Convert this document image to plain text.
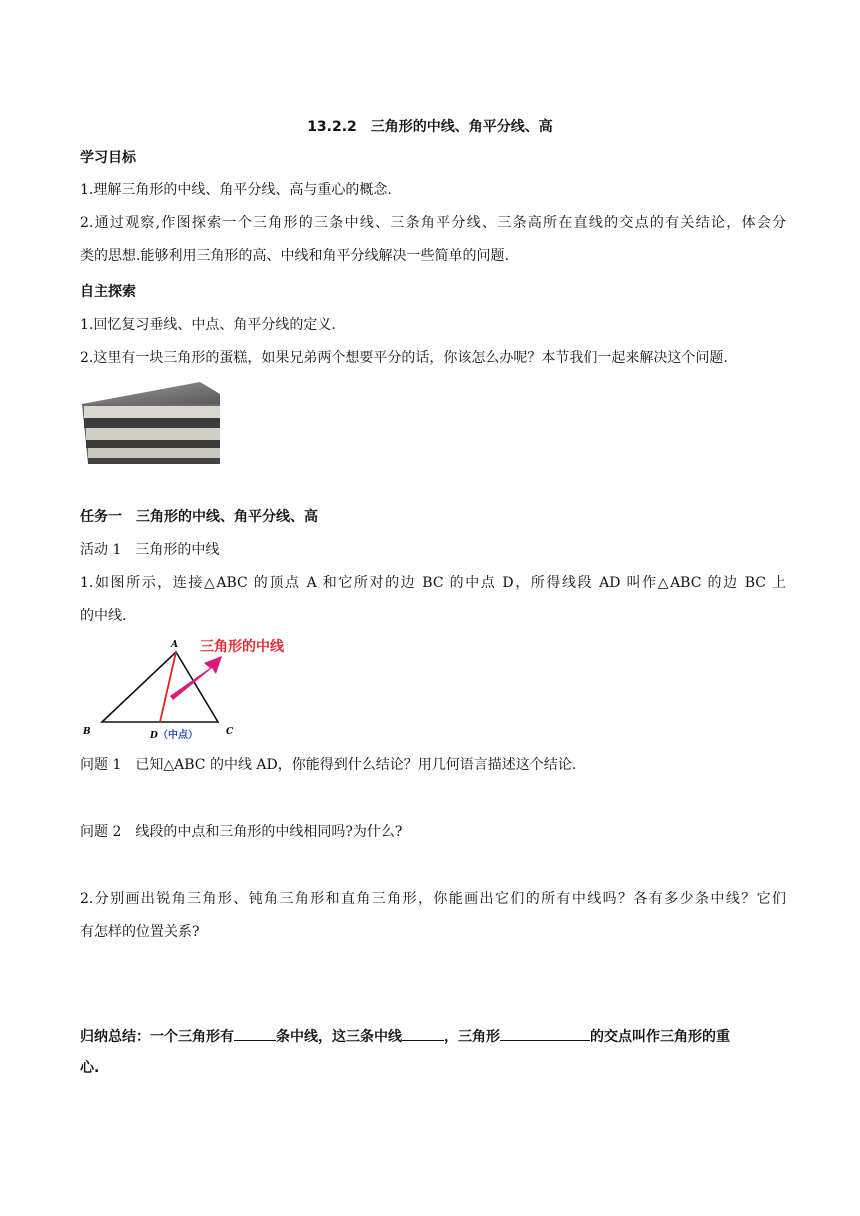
13.2.2　三角形的中线、角平分线、高
学习目标
1.理解三角形的中线、角平分线、高与重心的概念.
2.通过观察,作图探索一个三角形的三条中线、三条角平分线、三条高所在直线的交点的有关结论，体会分
类的思想.能够利用三角形的高、中线和角平分线解决一些简单的问题.
自主探索
1.回忆复习垂线、中点、角平分线的定义.
2.这里有一块三角形的蛋糕，如果兄弟两个想要平分的话，你该怎么办呢？本节我们一起来解决这个问题.
任务一　三角形的中线、角平分线、高
活动 1　三角形的中线
1.如图所示，连接△ABC 的顶点 A 和它所对的边 BC 的中点 D，所得线段 AD 叫作△ABC 的边 BC 上
的中线.
三角形的中线
A
B	C
D （中点）
问题 1　已知△ABC 的中线 AD，你能得到什么结论？用几何语言描述这个结论.
问题 2　线段的中点和三角形的中线相同吗?为什么?
2.分别画出锐角三角形、钝角三角形和直角三角形，你能画出它们的所有中线吗？各有多少条中线？它们
有怎样的位置关系?
归纳总结：一个三角形有	条中线，这三条中线	，三角形	的交点叫作三角形的重
心.
